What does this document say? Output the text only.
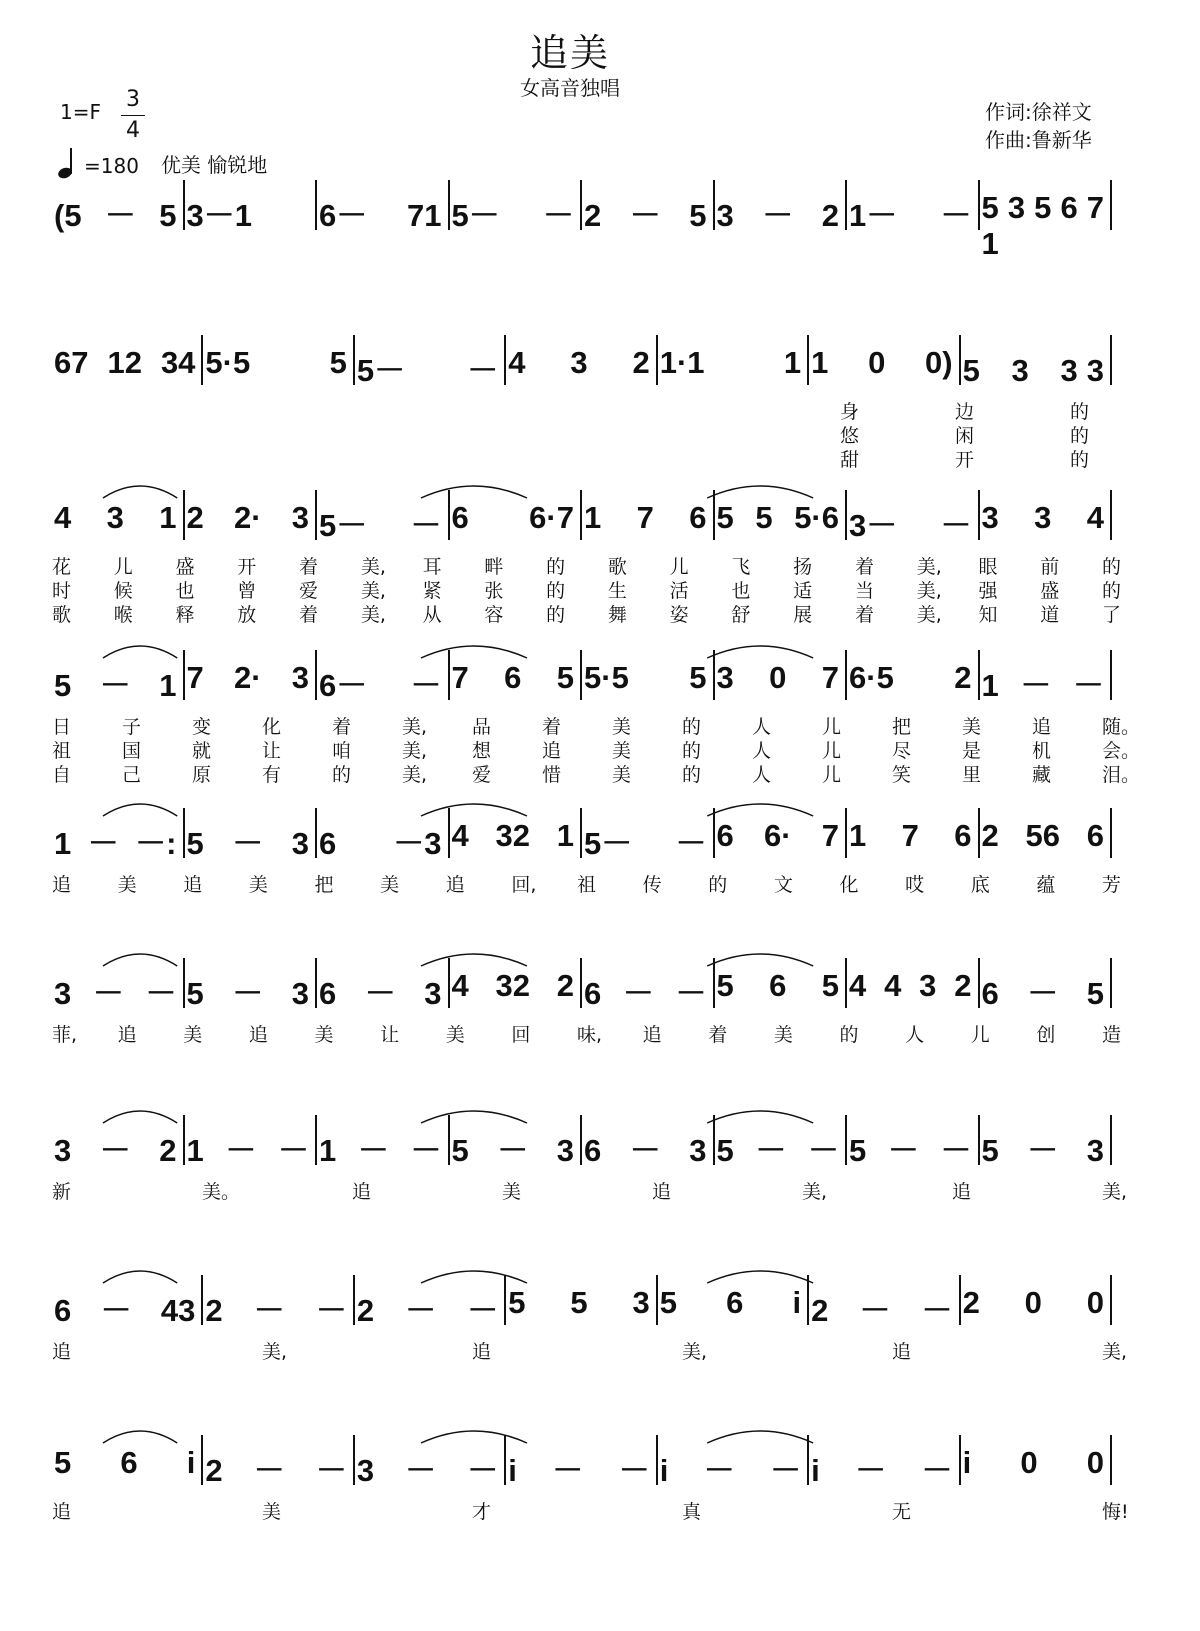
追美
女高音独唱
1=F	3
4
=180 优美 愉锐地
作词:徐祥文
作曲:鲁新华
(5 － 5 3－1	6－ 71 5－ － 2 － 5 3 － 2 1－ － 5 3 5 6 7 1
67 12 34 5·5 5 5－ － 4 3 2 1·1 1 1 0 0) 5　3　3 3
身	边	的
悠	闲	的
甜	开	的
4 3 1 2 2· 3 5－ － 6 6·7 1 7 6 5 5 5·6 3－ － 3 3 4
花 儿 盛 开 着 美, 耳 畔 的 歌 儿 飞 扬 着 美, 眼 前 的
时 候 也 曾 爱 美, 紧 张 的 生 活 也 适 当 美, 强 盛 的
歌 喉 释 放 着 美, 从 容 的 舞 姿 舒 展 着 美, 知 道 了
5 － 1 7 2· 3 6－ － 7 6 5 5·5 5 3 0 7 6·5 2 1 － －
日	子	变	化	着	美, 品	着	美	的	人	儿	把	美	追	随。
祖	国	就	让	咱	美, 想	追	美	的	人	儿	尽	是	机	会。
自	己	原	有	的	美, 爱	惜	美	的	人	儿	笑	里	藏	泪。
1 － －: 5 － 3 6 －3 4 32 1 5－ － 6 6· 7 1 7 6 2 56 6
追 美 追 美 把 美 追 回, 祖 传 的 文 化 哎 底 蕴 芳
3 － － 5 － 3 6 － 3 4 32 2 6 － － 5 6 5 4 4 3 2 6 － 5
菲, 追 美 追 美 让 美 回 味, 追 着 美 的 人 儿 创 造
3 － 2 1 － － 1 － － 5 － 3 6 － 3 5 － － 5 － － 5 － 3
新	美。	追	美	追	美,	追	美,
6 － 43 2 － － 2 － － 5 5 3 5 6 i 2 － － 2 0 0
追	美,	追	美,	追	美,
5 6 i 2 － － 3 － － i － － i － － i － － i 0 0
追	美	才	真	无	悔!
